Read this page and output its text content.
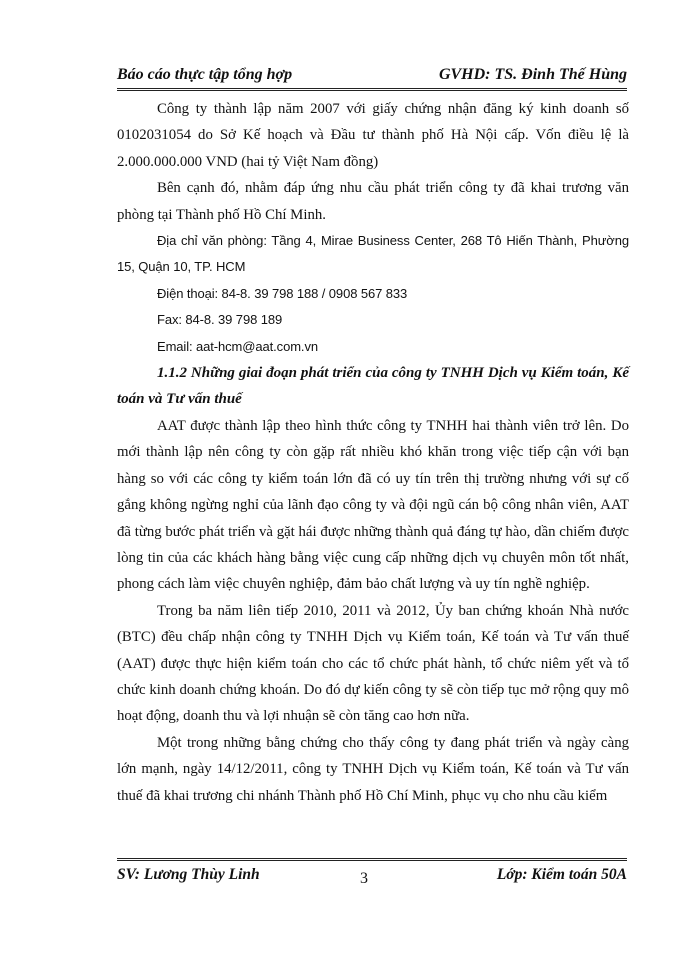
Báo cáo thực tập tổng hợp	GVHD: TS. Đinh Thế Hùng

Công ty thành lập năm 2007 với giấy chứng nhận đăng ký kinh doanh số 0102031054 do Sở Kế hoạch và Đầu tư thành phố Hà Nội cấp. Vốn điều lệ là 2.000.000.000 VND (hai tỷ Việt Nam đồng)

Bên cạnh đó, nhằm đáp ứng nhu cầu phát triển công ty đã khai trương văn phòng tại Thành phố Hồ Chí Minh.

Địa chỉ văn phòng: Tầng 4, Mirae Business Center, 268 Tô Hiến Thành, Phường 15, Quận 10, TP. HCM

Điện thoại: 84-8. 39 798 188 / 0908 567 833

Fax: 84-8. 39 798 189

Email: aat-hcm@aat.com.vn

1.1.2 Những giai đoạn phát triển của công ty TNHH Dịch vụ Kiểm toán, Kế toán và Tư vấn thuế

AAT được thành lập theo hình thức công ty TNHH hai thành viên trở lên. Do mới thành lập nên công ty còn gặp rất nhiều khó khăn trong việc tiếp cận với bạn hàng so với các công ty kiểm toán lớn đã có uy tín trên thị trường nhưng với sự cố gắng không ngừng nghỉ của lãnh đạo công ty và đội ngũ cán bộ công nhân viên, AAT đã từng bước phát triển và gặt hái được những thành quả đáng tự hào, dần chiếm được lòng tin của các khách hàng bằng việc cung cấp những dịch vụ chuyên môn tốt nhất, phong cách làm việc chuyên nghiệp, đảm bảo chất lượng và uy tín nghề nghiệp.

Trong ba năm liên tiếp 2010, 2011 và 2012, Ủy ban chứng khoán Nhà nước (BTC) đều chấp nhận công ty TNHH Dịch vụ Kiểm toán, Kế toán và Tư vấn thuế (AAT) được thực hiện kiểm toán cho các tổ chức phát hành, tổ chức niêm yết và tổ chức kinh doanh chứng khoán. Do đó dự kiến công ty sẽ còn tiếp tục mở rộng quy mô hoạt động, doanh thu và lợi nhuận sẽ còn tăng cao hơn nữa.

Một trong những bằng chứng cho thấy công ty đang phát triển và ngày càng lớn mạnh, ngày 14/12/2011, công ty TNHH Dịch vụ Kiểm toán, Kế toán và Tư vấn thuế đã khai trương chi nhánh Thành phố Hồ Chí Minh, phục vụ cho nhu cầu kiểm

SV: Lương Thùy Linh	3	Lớp: Kiểm toán 50A
